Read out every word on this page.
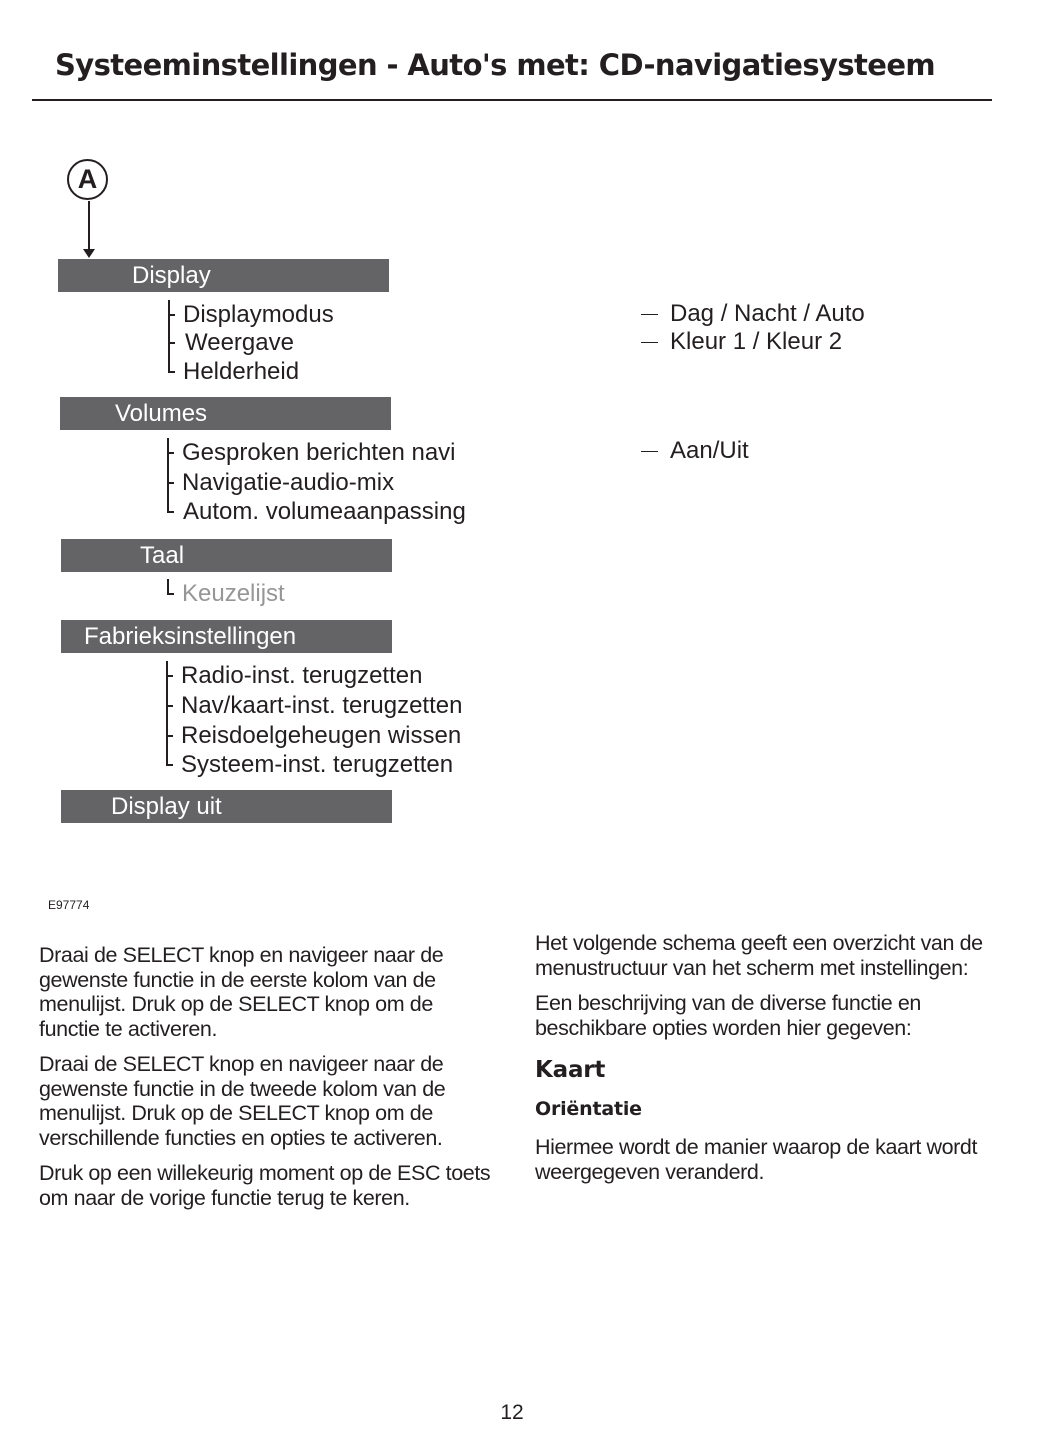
Systeeminstellingen - Auto's met: CD-navigatiesysteem
A
Display
Displaymodus
Weergave
Helderheid
Volumes
Gesproken berichten navi
Navigatie-audio-mix
Autom. volumeaanpassing
Taal
Keuzelijst
Fabrieksinstellingen
Radio-inst. terugzetten
Nav/kaart-inst. terugzetten
Reisdoelgeheugen wissen
Systeem-inst. terugzetten
Display uit
Dag / Nacht / Auto
Kleur 1 / Kleur 2
Aan/Uit
E97774

Draai de SELECT knop en navigeer naar de gewenste functie in de eerste kolom van de menulijst. Druk op de SELECT knop om de functie te activeren.

Draai de SELECT knop en navigeer naar de gewenste functie in de tweede kolom van de menulijst. Druk op de SELECT knop om de verschillende functies en opties te activeren.

Druk op een willekeurig moment op de ESC toets om naar de vorige functie terug te keren.

Het volgende schema geeft een overzicht van de menustructuur van het scherm met instellingen:

Een beschrijving van de diverse functie en beschikbare opties worden hier gegeven:

Kaart
Oriëntatie

Hiermee wordt de manier waarop de kaart wordt weergegeven veranderd.

12
